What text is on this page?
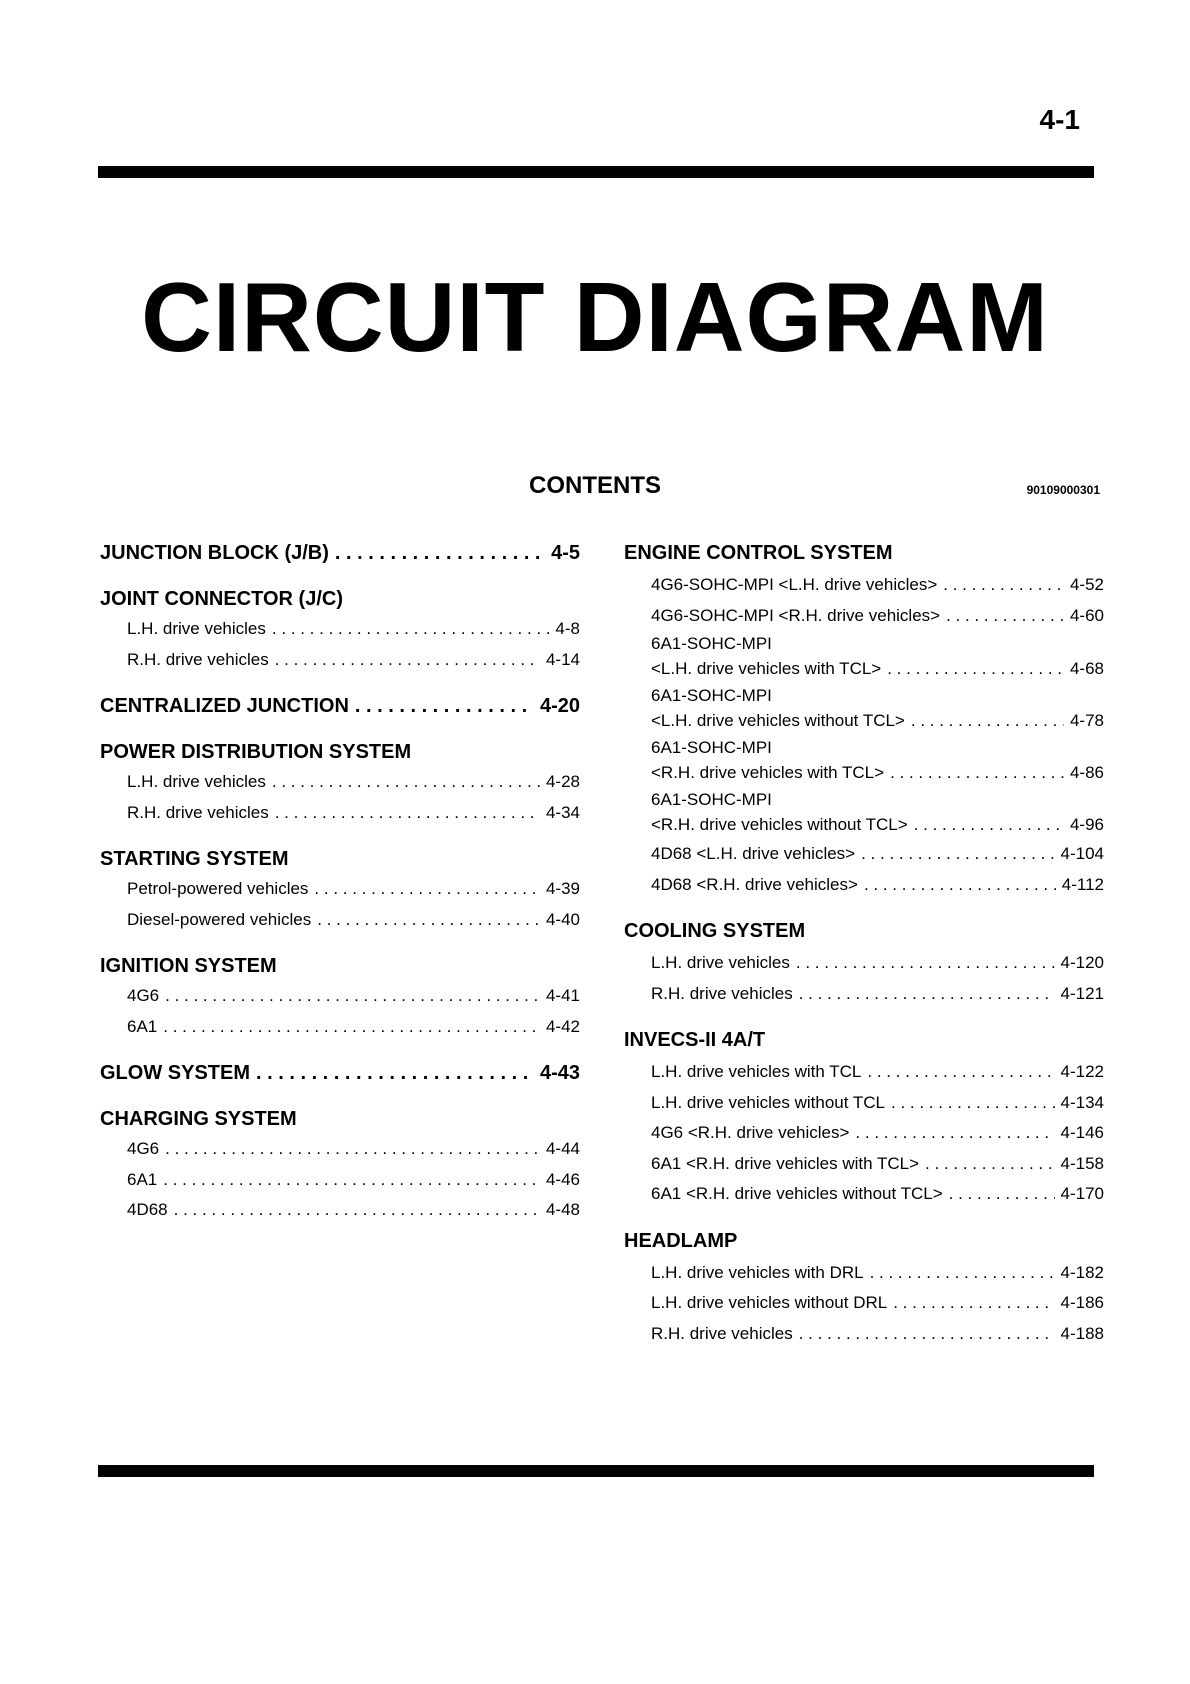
4-1
CIRCUIT DIAGRAM
CONTENTS	90109000301
JUNCTION BLOCK (J/B) . . .	4-5
JOINT CONNECTOR (J/C)
L.H. drive vehicles . . .	4-8
R.H. drive vehicles . . .	4-14
CENTRALIZED JUNCTION . . .	4-20
POWER DISTRIBUTION SYSTEM
L.H. drive vehicles . . .	4-28
R.H. drive vehicles . . .	4-34
STARTING SYSTEM
Petrol-powered vehicles . . .	4-39
Diesel-powered vehicles . . .	4-40
IGNITION SYSTEM
4G6 . . .	4-41
6A1 . . .	4-42
GLOW SYSTEM . . .	4-43
CHARGING SYSTEM
4G6 . . .	4-44
6A1 . . .	4-46
4D68 . . .	4-48
ENGINE CONTROL SYSTEM
4G6-SOHC-MPI <L.H. drive vehicles> . . .	4-52
4G6-SOHC-MPI <R.H. drive vehicles> . . .	4-60
6A1-SOHC-MPI
<L.H. drive vehicles with TCL> . . .	4-68
6A1-SOHC-MPI
<L.H. drive vehicles without TCL> . . .	4-78
6A1-SOHC-MPI
<R.H. drive vehicles with TCL> . . .	4-86
6A1-SOHC-MPI
<R.H. drive vehicles without TCL> . . .	4-96
4D68 <L.H. drive vehicles> . . .	4-104
4D68 <R.H. drive vehicles> . . .	4-112
COOLING SYSTEM
L.H. drive vehicles . . .	4-120
R.H. drive vehicles . . .	4-121
INVECS-II 4A/T
L.H. drive vehicles with TCL . . .	4-122
L.H. drive vehicles without TCL . . .	4-134
4G6 <R.H. drive vehicles> . . .	4-146
6A1 <R.H. drive vehicles with TCL> . . .	4-158
6A1 <R.H. drive vehicles without TCL> . . .	4-170
HEADLAMP
L.H. drive vehicles with DRL . . .	4-182
L.H. drive vehicles without DRL . . .	4-186
R.H. drive vehicles . . .	4-188
